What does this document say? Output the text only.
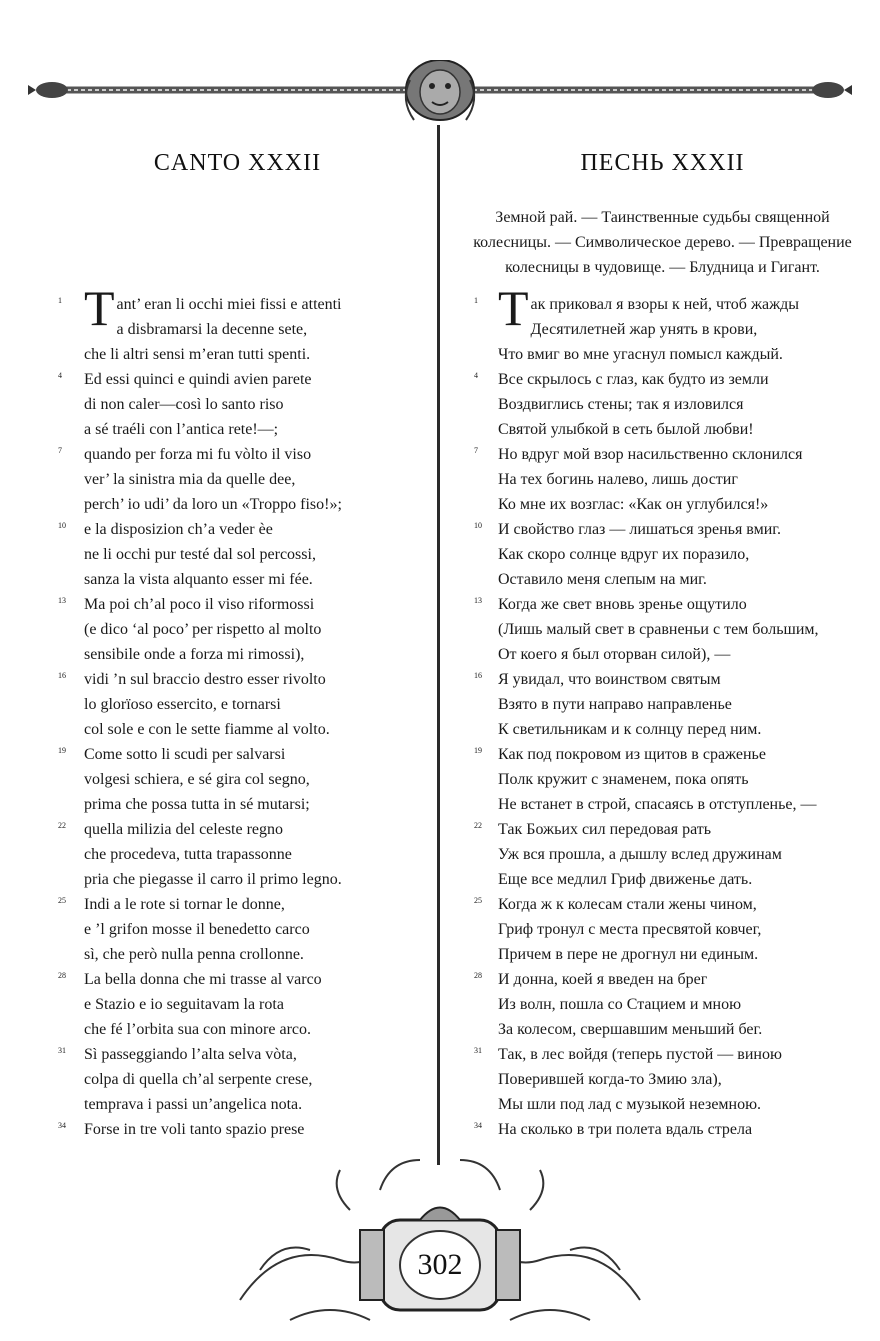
CANTO XXXII
1 T ant’ eran li occhi miei fissi e attenti
a disbramarsi la decenne sete,
che li altri sensi m’eran tutti spenti.
4 Ed essi quinci e quindi avien parete
di non caler—così lo santo riso
a sé traéli con l’antica rete!—;
7 quando per forza mi fu vòlto il viso
ver’ la sinistra mia da quelle dee,
perch’ io udi’ da loro un «Troppo fiso!»;
10 e la disposizion ch’a veder èe
ne li occhi pur testé dal sol percossi,
sanza la vista alquanto esser mi fée.
13 Ma poi ch’al poco il viso riformossi
(e dico ‘al poco’ per rispetto al molto
sensibile onde a forza mi rimossi),
16 vidi ’n sul braccio destro esser rivolto
lo glorïoso essercito, e tornarsi
col sole e con le sette fiamme al volto.
19 Come sotto li scudi per salvarsi
volgesi schiera, e sé gira col segno,
prima che possa tutta in sé mutarsi;
22 quella milizia del celeste regno
che procedeva, tutta trapassonne
pria che piegasse il carro il primo legno.
25 Indi a le rote si tornar le donne,
e ’l grifon mosse il benedetto carco
sì, che però nulla penna crollonne.
28 La bella donna che mi trasse al varco
e Stazio e io seguitavam la rota
che fé l’orbita sua con minore arco.
31 Sì passeggiando l’alta selva vòta,
colpa di quella ch’al serpente crese,
temprava i passi un’angelica nota.
34 Forse in tre voli tanto spazio prese
ПЕСНЬ XXXII
Земной рай. — Таинственные судьбы священной
колесницы. — Символическое дерево. — Превращение
колесницы в чудовище. — Блудница и Гигант.
1 Т ак приковал я взоры к ней, чтоб жажды
Десятилетней жар унять в крови,
Что вмиг во мне угаснул помысл каждый.
4 Все скрылось с глаз, как будто из земли
Воздвиглись стены; так я изловился
Святой улыбкой в сеть былой любви!
7 Но вдруг мой взор насильственно склонился
На тех богинь налево, лишь достиг
Ко мне их возглас: «Как он углубился!»
10 И свойство глаз — лишаться зренья вмиг.
Как скоро солнце вдруг их поразило,
Оставило меня слепым на миг.
13 Когда же свет вновь зренье ощутило
(Лишь малый свет в сравненьи с тем большим,
От коего я был оторван силой), —
16 Я увидал, что воинством святым
Взято в пути направо направленье
К светильникам и к солнцу перед ним.
19 Как под покровом из щитов в сраженье
Полк кружит с знаменем, пока опять
Не встанет в строй, спасаясь в отступленье, —
22 Так Божьих сил передовая рать
Уж вся прошла, а дышлу вслед дружинам
Еще все медлил Гриф движенье дать.
25 Когда ж к колесам стали жены чином,
Гриф тронул с места пресвятой ковчег,
Причем в пере не дрогнул ни единым.
28 И донна, коей я введен на брег
Из волн, пошла со Стацием и мною
За колесом, свершавшим меньший бег.
31 Так, в лес войдя (теперь пустой — виною
Поверившей когда-то Змию зла),
Мы шли под лад с музыкой неземною.
34 На сколько в три полета вдаль стрела
302
